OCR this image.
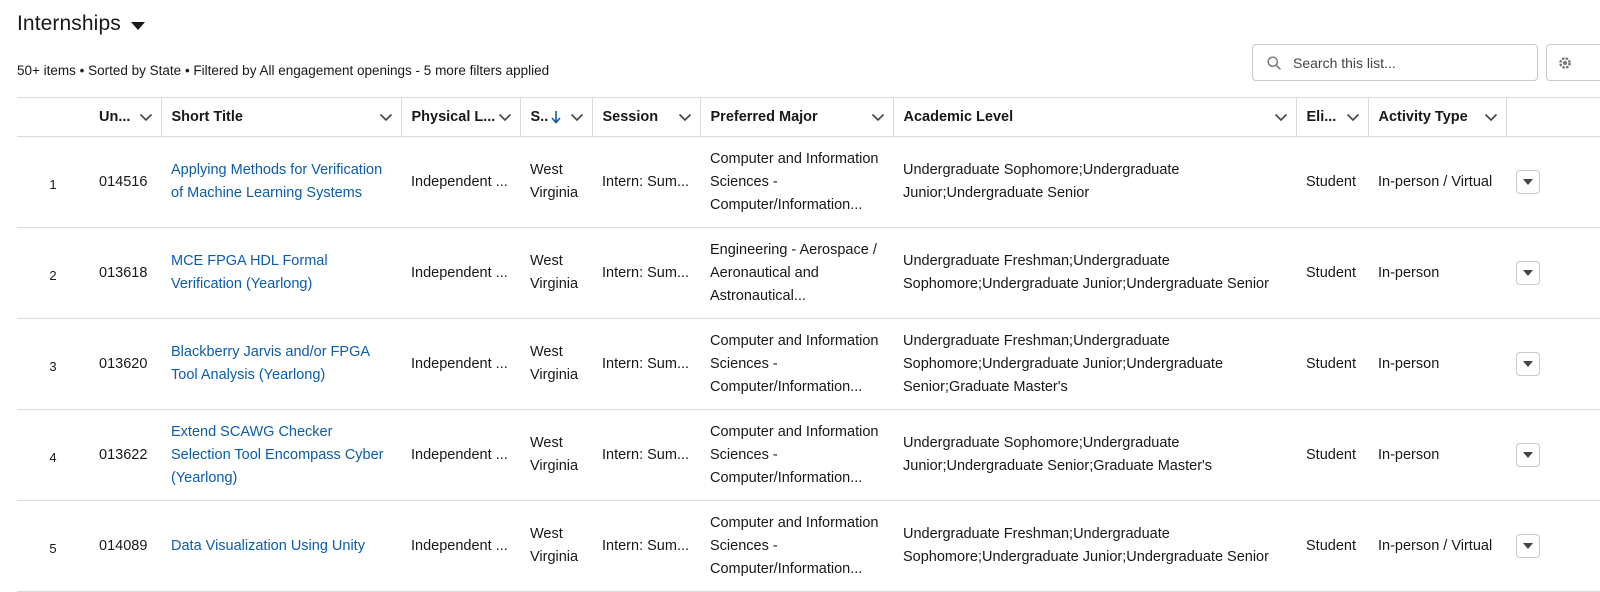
Internships
50+ items • Sorted by State • Filtered by All engagement openings - 5 more filters applied
Search this list...

	Un...	Short Title	Physical L...	S..	Session	Preferred Major	Academic Level	Eli...	Activity Type	

1	014516	Applying Methods for Verification of Machine Learning Systems	Independent ...	West Virginia	Intern: Sum...	Computer and Information Sciences - Computer/Information...	Undergraduate Sophomore;Undergraduate Junior;Undergraduate Senior	Student	In-person / Virtual	

2	013618	MCE FPGA HDL Formal Verification (Yearlong)	Independent ...	West Virginia	Intern: Sum...	Engineering - Aerospace / Aeronautical and Astronautical...	Undergraduate Freshman;Undergraduate Sophomore;Undergraduate Junior;Undergraduate Senior	Student	In-person	

3	013620	Blackberry Jarvis and/or FPGA Tool Analysis (Yearlong)	Independent ...	West Virginia	Intern: Sum...	Computer and Information Sciences - Computer/Information...	Undergraduate Freshman;Undergraduate Sophomore;Undergraduate Junior;Undergraduate Senior;Graduate Master's	Student	In-person	

4	013622	Extend SCAWG Checker Selection Tool Encompass Cyber (Yearlong)	Independent ...	West Virginia	Intern: Sum...	Computer and Information Sciences - Computer/Information...	Undergraduate Sophomore;Undergraduate Junior;Undergraduate Senior;Graduate Master's	Student	In-person	

5	014089	Data Visualization Using Unity	Independent ...	West Virginia	Intern: Sum...	Computer and Information Sciences - Computer/Information...	Undergraduate Freshman;Undergraduate Sophomore;Undergraduate Junior;Undergraduate Senior	Student	In-person / Virtual	
